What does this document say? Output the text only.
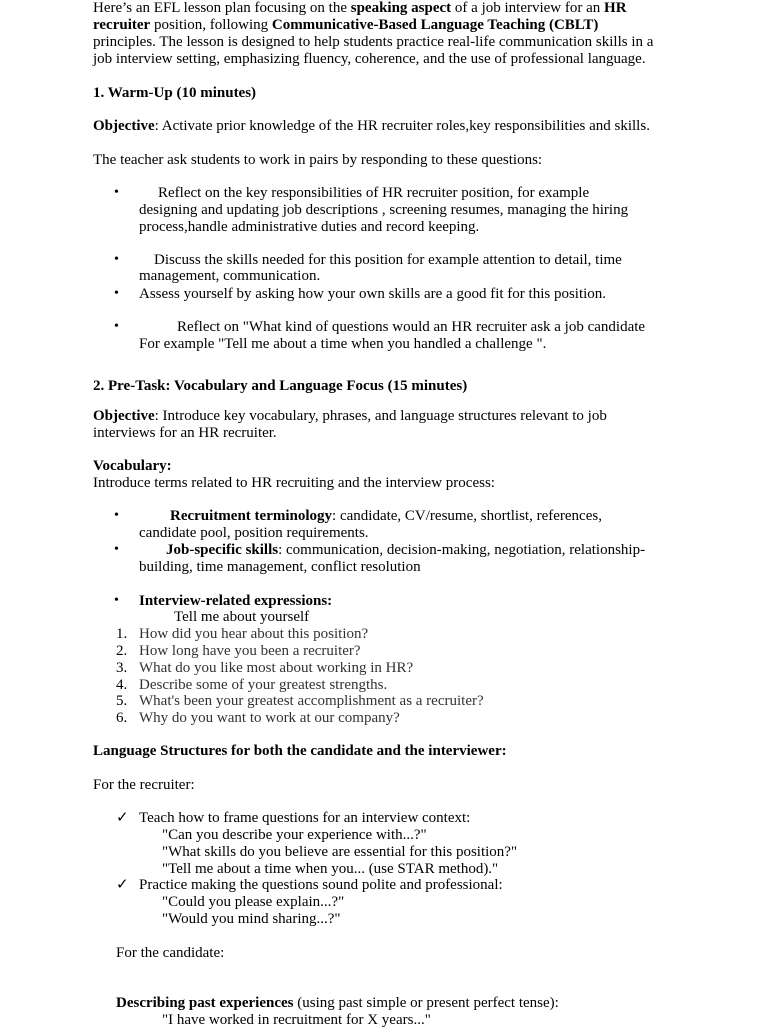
Here’s an EFL lesson plan focusing on the speaking aspect of a job interview for an HR
recruiter position, following Communicative-Based Language Teaching (CBLT)
principles. The lesson is designed to help students practice real-life communication skills in a
job interview setting, emphasizing fluency, coherence, and the use of professional language.
1. Warm-Up (10 minutes)
Objective: Activate prior knowledge of the HR recruiter roles,key responsibilities and skills.
The teacher ask students to work in pairs by responding to these questions:
•	Reflect on the key responsibilities of HR recruiter position, for example
designing and updating job descriptions , screening resumes, managing the hiring
process,handle administrative duties and record keeping.
• Discuss the skills needed for this position for example attention to detail, time
management, communication.
• Assess yourself by asking how your own skills are a good fit for this position.
•	Reflect on "What kind of questions would an HR recruiter ask a job candidate
For example "Tell me about a time when you handled a challenge ".
2. Pre-Task: Vocabulary and Language Focus (15 minutes)
Objective: Introduce key vocabulary, phrases, and language structures relevant to job
interviews for an HR recruiter.
Vocabulary:
Introduce terms related to HR recruiting and the interview process:
•	Recruitment terminology: candidate, CV/resume, shortlist, references,
candidate pool, position requirements.
•	Job-specific skills: communication, decision-making, negotiation, relationship-
building, time management, conflict resolution
• Interview-related expressions:
Tell me about yourself
1. How did you hear about this position?
2. How long have you been a recruiter?
3. What do you like most about working in HR?
4. Describe some of your greatest strengths.
5. What's been your greatest accomplishment as a recruiter?
6. Why do you want to work at our company?
Language Structures for both the candidate and the interviewer:
For the recruiter:
✓ Teach how to frame questions for an interview context:
"Can you describe your experience with...?"
"What skills do you believe are essential for this position?"
"Tell me about a time when you... (use STAR method)."
✓ Practice making the questions sound polite and professional:
"Could you please explain...?"
"Would you mind sharing...?"
For the candidate:
Describing past experiences (using past simple or present perfect tense):
"I have worked in recruitment for X years..."
